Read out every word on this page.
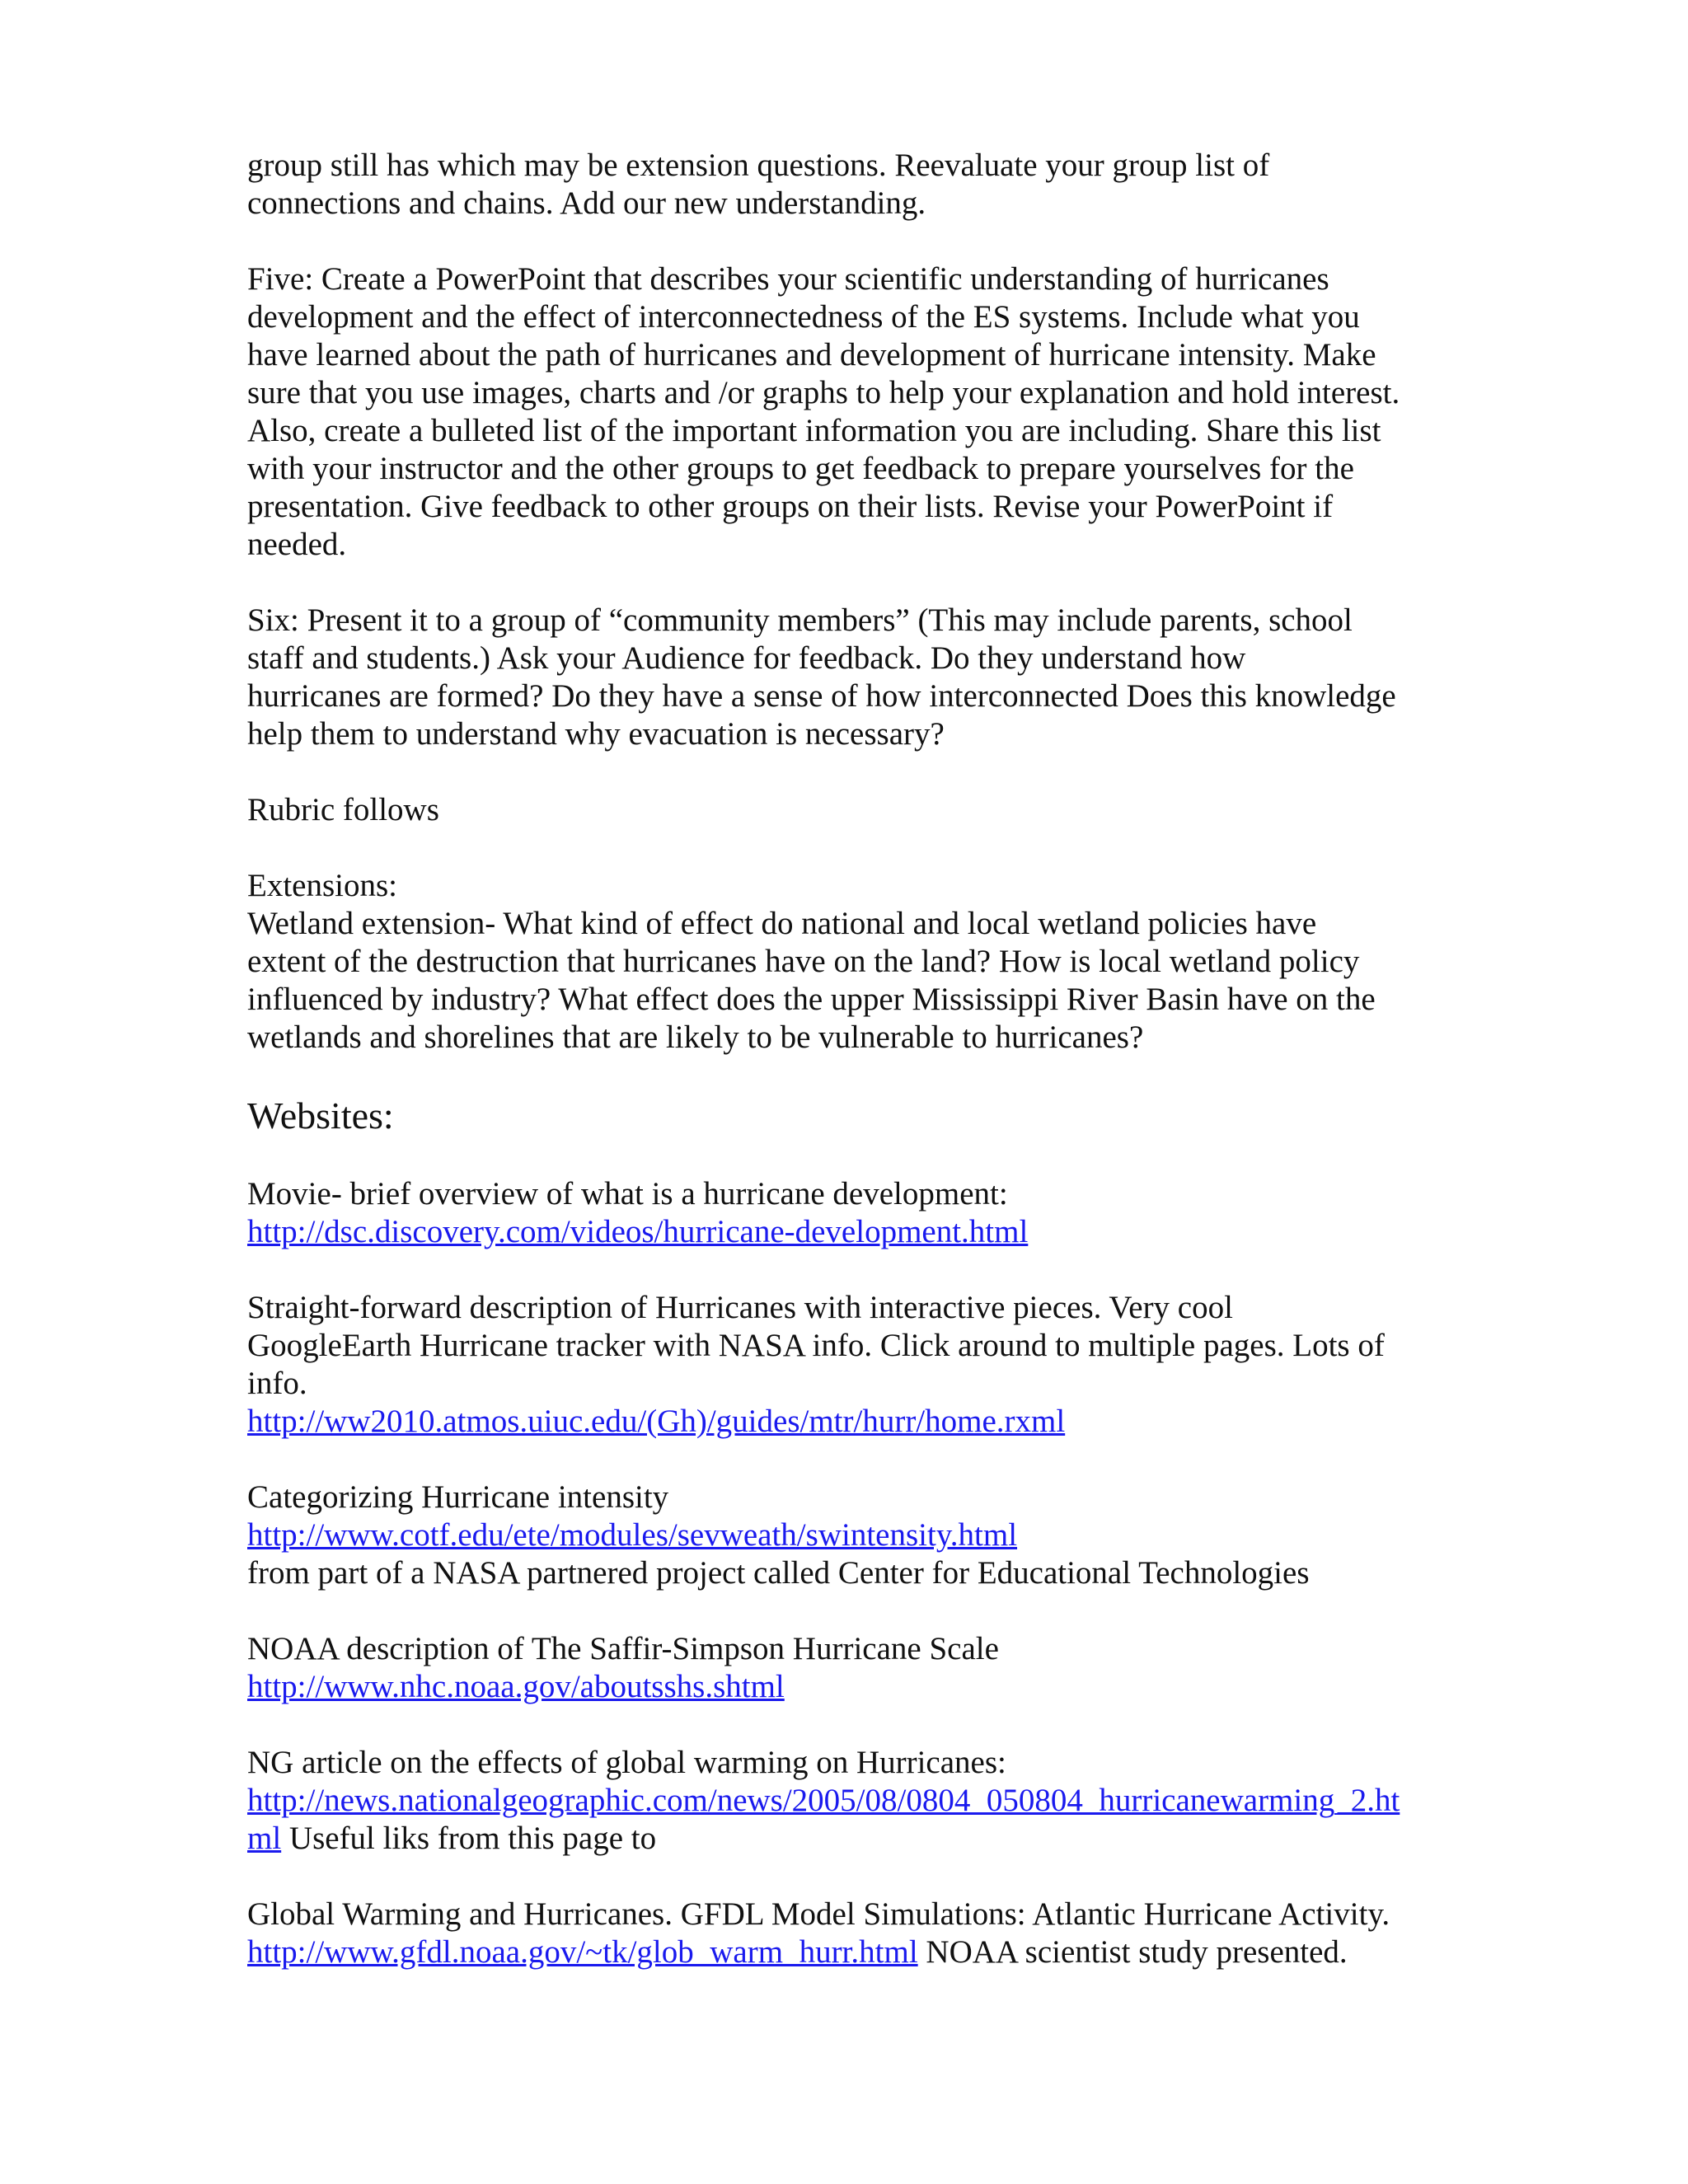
group still has which may be extension questions. Reevaluate your group list of
connections and chains. Add our new understanding.
Five: Create a PowerPoint that describes your scientific understanding of hurricanes
development and the effect of interconnectedness of the ES systems. Include what you
have learned about the path of hurricanes and development of hurricane intensity. Make
sure that you use images, charts and /or graphs to help your explanation and hold interest.
Also, create a bulleted list of the important information you are including. Share this list
with your instructor and the other groups to get feedback to prepare yourselves for the
presentation. Give feedback to other groups on their lists. Revise your PowerPoint if
needed.
Six: Present it to a group of “community members” (This may include parents, school
staff and students.) Ask your Audience for feedback. Do they understand how
hurricanes are formed? Do they have a sense of how interconnected Does this knowledge
help them to understand why evacuation is necessary?
Rubric follows
Extensions:
Wetland extension- What kind of effect do national and local wetland policies have
extent of the destruction that hurricanes have on the land? How is local wetland policy
influenced by industry? What effect does the upper Mississippi River Basin have on the
wetlands and shorelines that are likely to be vulnerable to hurricanes?
Websites:
Movie- brief overview of what is a hurricane development:
http://dsc.discovery.com/videos/hurricane-development.html
Straight-forward description of Hurricanes with interactive pieces. Very cool
GoogleEarth Hurricane tracker with NASA info. Click around to multiple pages. Lots of
info.
http://ww2010.atmos.uiuc.edu/(Gh)/guides/mtr/hurr/home.rxml
Categorizing Hurricane intensity
http://www.cotf.edu/ete/modules/sevweath/swintensity.html
from part of a NASA partnered project called Center for Educational Technologies
NOAA description of The Saffir-Simpson Hurricane Scale
http://www.nhc.noaa.gov/aboutsshs.shtml
NG article on the effects of global warming on Hurricanes:
http://news.nationalgeographic.com/news/2005/08/0804_050804_hurricanewarming_2.ht
ml Useful liks from this page to
Global Warming and Hurricanes. GFDL Model Simulations: Atlantic Hurricane Activity.
http://www.gfdl.noaa.gov/~tk/glob_warm_hurr.html NOAA scientist study presented.
